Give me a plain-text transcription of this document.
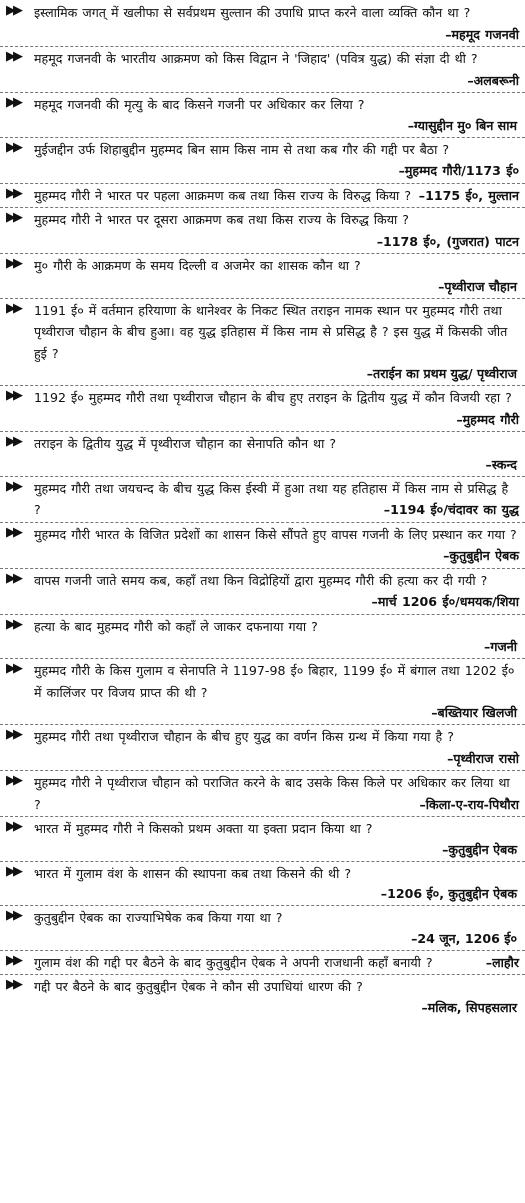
▶▶ इस्लामिक जगत् में खलीफा से सर्वप्रथम सुल्तान की उपाधि प्राप्त करने वाला व्यक्ति कौन था ?
–महमूद गजनवी

▶▶ महमूद गजनवी के भारतीय आक्रमण को किस विद्वान ने 'जिहाद' (पवित्र युद्ध) की संज्ञा दी थी ?
–अलबरूनी

▶▶ महमूद गजनवी की मृत्यु के बाद किसने गजनी पर अधिकार कर लिया ?

–ग्यासुद्दीन मु० बिन साम

▶▶ मुईजद्दीन उर्फ शिहाबुद्दीन मुहम्मद बिन साम किस नाम से तथा कब गौर की गद्दी पर बैठा ?
–मुहम्मद गौरी/1173 ई०

▶▶ मुहम्मद गौरी ने भारत पर पहला आक्रमण कब तथा किस राज्य के विरुद्ध किया ? –1175 ई०, मुल्तान

▶▶ मुहम्मद गौरी ने भारत पर दूसरा आक्रमण कब तथा किस राज्य के विरुद्ध किया ?
–1178 ई०, (गुजरात) पाटन

▶▶ मु० गौरी के आक्रमण के समय दिल्ली व अजमेर का शासक कौन था ?

–पृथ्वीराज चौहान

▶▶ 1191 ई० में वर्तमान हरियाणा के थानेश्वर के निकट स्थित तराइन नामक स्थान पर मुहम्मद गौरी तथा पृथ्वीराज चौहान के बीच हुआ। वह युद्ध इतिहास में किस नाम से प्रसिद्ध है ? इस युद्ध में किसकी जीत हुई ?

–तराईन का प्रथम युद्ध/ पृथ्वीराज

▶▶ 1192 ई० मुहम्मद गौरी तथा पृथ्वीराज चौहान के बीच हुए तराइन के द्वितीय युद्ध में कौन विजयी रहा ?
–मुहम्मद गौरी

▶▶ तराइन के द्वितीय युद्ध में पृथ्वीराज चौहान का सेनापति कौन था ?

–स्कन्द

▶▶ मुहम्मद गौरी तथा जयचन्द के बीच युद्ध किस ईस्वी में हुआ तथा यह हतिहास में किस नाम से प्रसिद्ध है ?	–1194 ई०/चंदावर का युद्ध

▶▶ मुहम्मद गौरी भारत के विजित प्रदेशों का शासन किसे सौंपते हुए वापस गजनी के लिए प्रस्थान कर गया ?
–कुतुबुद्दीन ऐबक

▶▶ वापस गजनी जाते समय कब, कहाँ तथा किन विद्रोहियों द्वारा मुहम्मद गौरी की हत्या कर दी गयी ?
–मार्च 1206 ई०/धमयक/शिया

▶▶ हत्या के बाद मुहम्मद गौरी को कहाँ ले जाकर दफनाया गया ?

–गजनी

▶▶ मुहम्मद गौरी के किस गुलाम व सेनापति ने 1197-98 ई० बिहार, 1199 ई० में बंगाल तथा 1202 ई० में कालिंजर पर विजय प्राप्त की थी ?

–बख्तियार खिलजी

▶▶ मुहम्मद गौरी तथा पृथ्वीराज चौहान के बीच हुए युद्ध का वर्णन किस ग्रन्थ में किया गया है ?
–पृथ्वीराज रासो

▶▶ मुहम्मद गौरी ने पृथ्वीराज चौहान को पराजित करने के बाद उसके किस किले पर अधिकार कर लिया था ?	–किला-ए-राय-पिथौरा

▶▶ भारत में मुहम्मद गौरी ने किसको प्रथम अक्ता या इक्ता प्रदान किया था ?

–कुतुबुद्दीन ऐबक

▶▶ भारत में गुलाम वंश के शासन की स्थापना कब तथा किसने की थी ?

–1206 ई०, कुतुबुद्दीन ऐबक

▶▶ कुतुबुद्दीन ऐबक का राज्याभिषेक कब किया गया था ?

–24 जून, 1206 ई०

▶▶ गुलाम वंश की गद्दी पर बैठने के बाद कुतुबुद्दीन ऐबक ने अपनी राजधानी कहाँ बनायी ?	–लाहौर

▶▶ गद्दी पर बैठने के बाद कुतुबुद्दीन ऐबक ने कौन सी उपाधियां धारण की ?

–मलिक, सिपहसलार
